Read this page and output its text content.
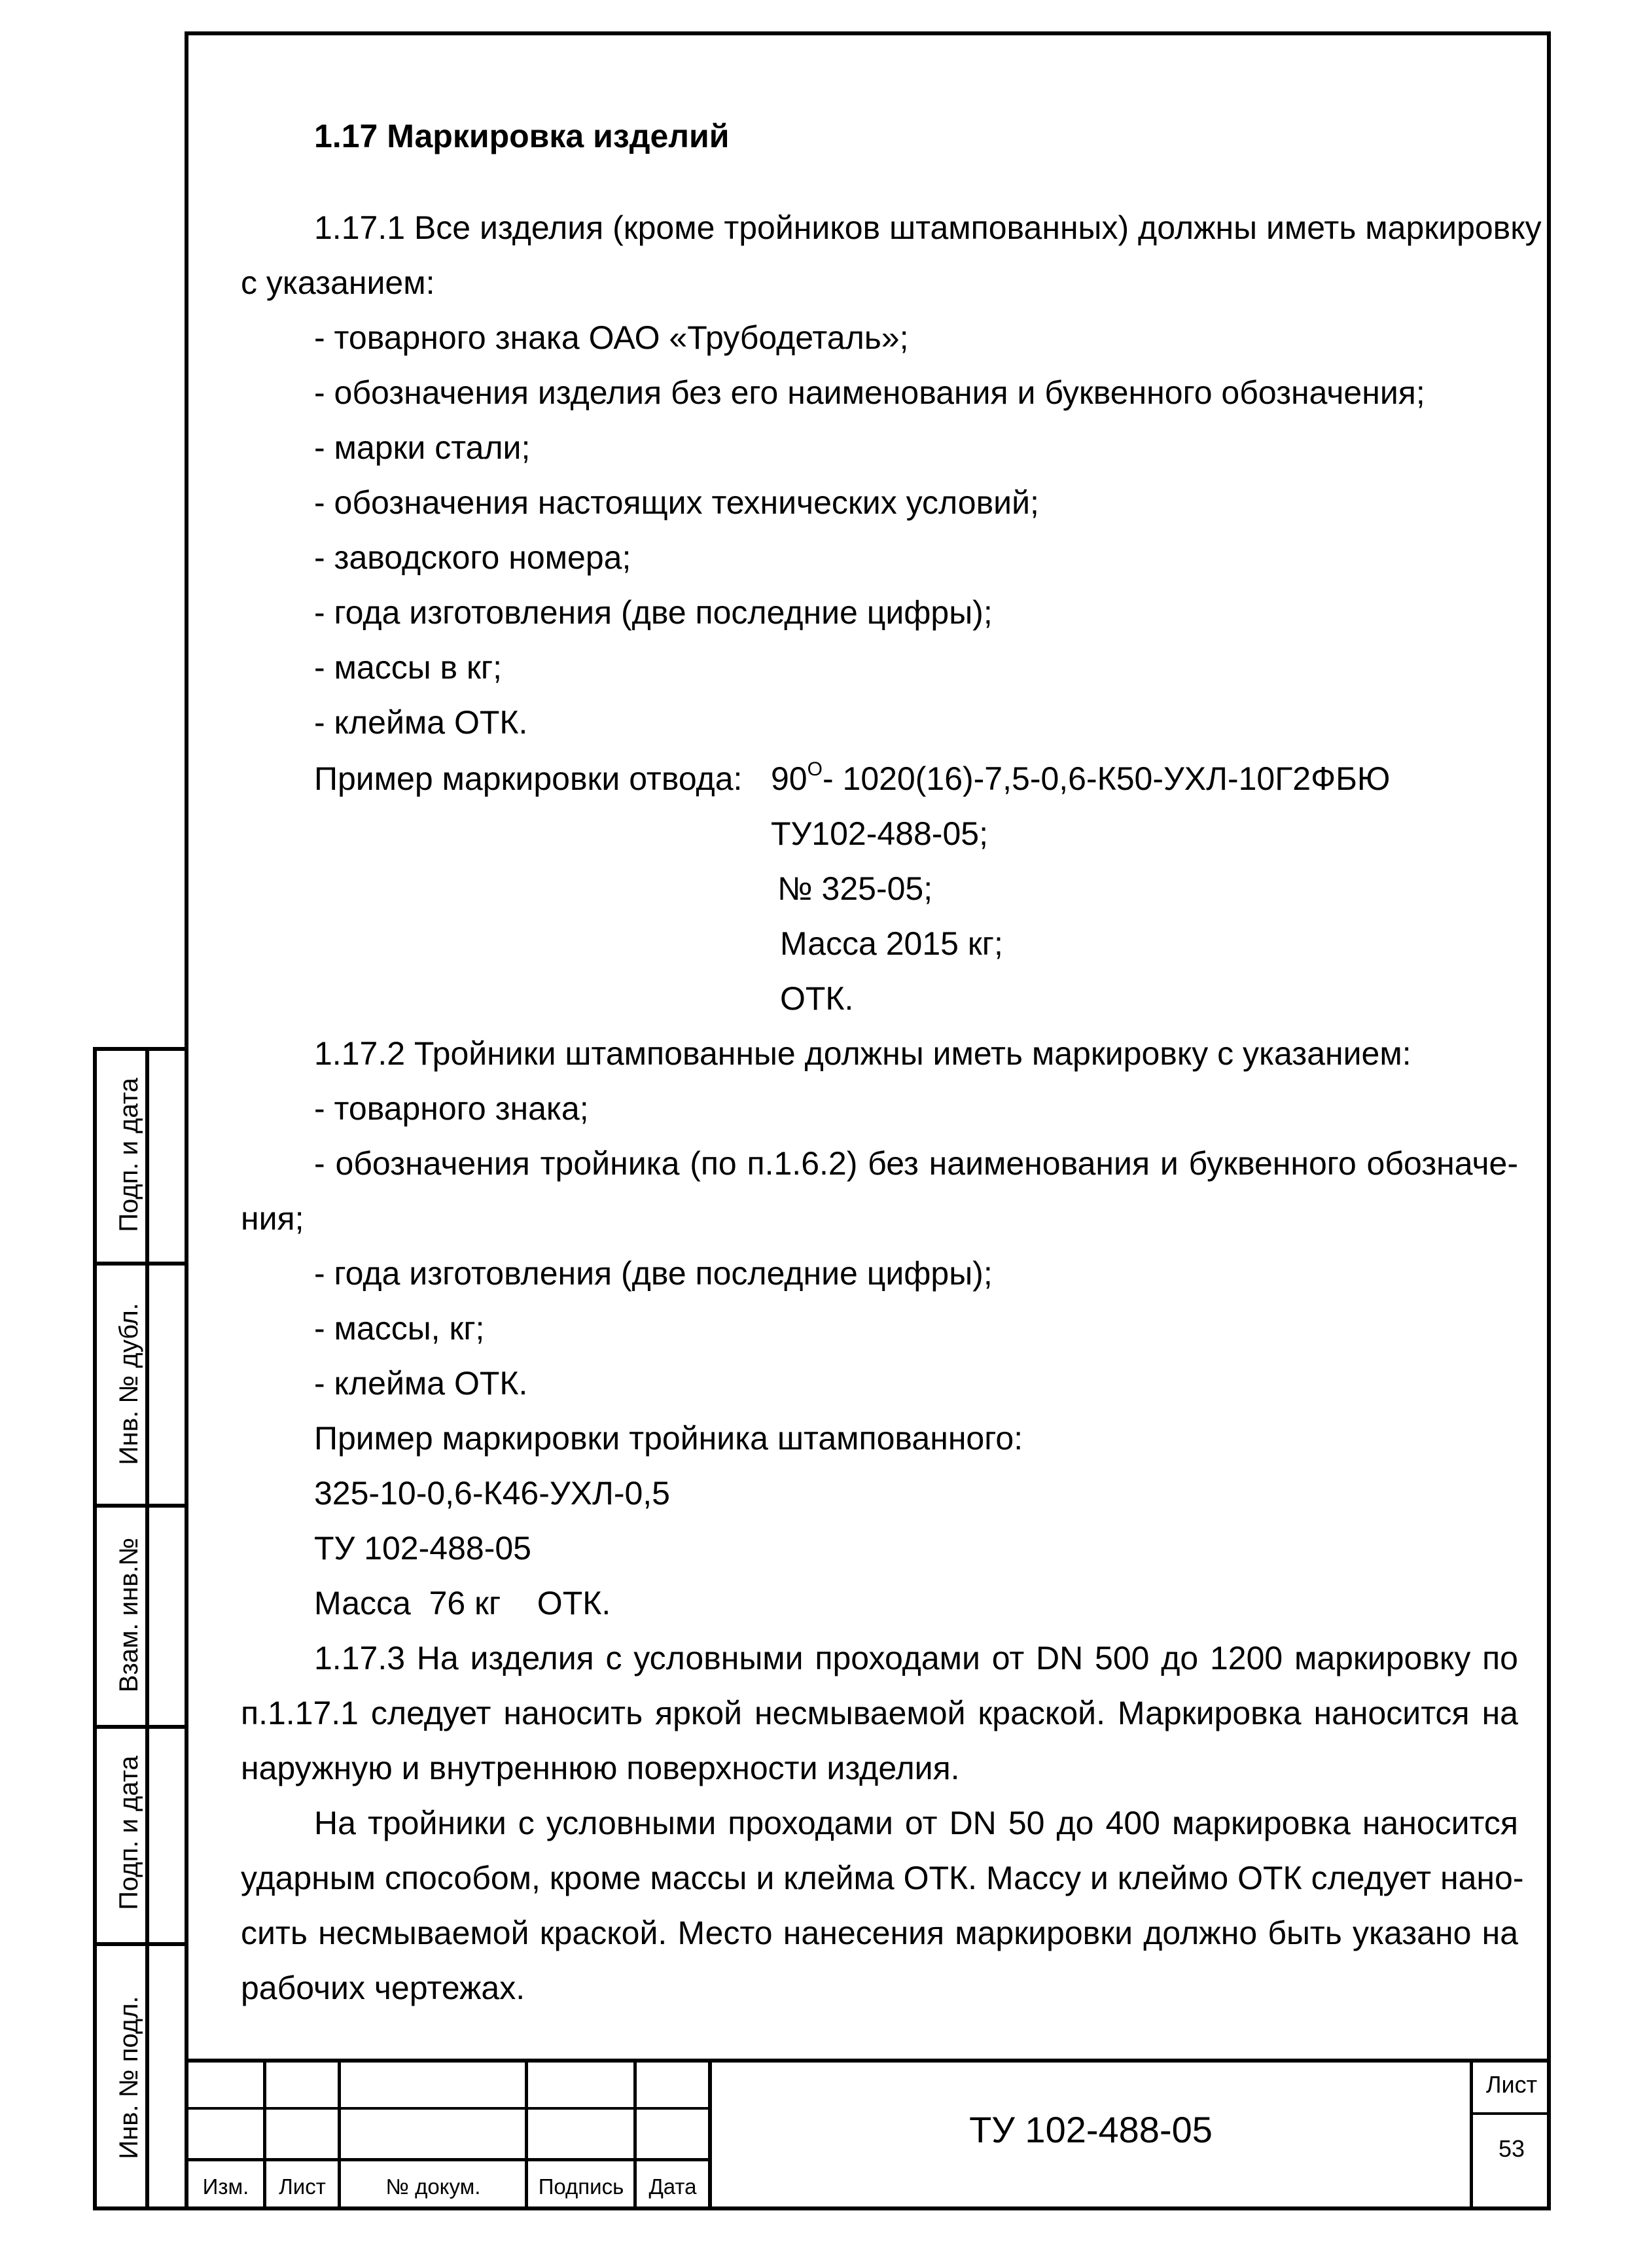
Подп. и дата
Инв. № дубл.
Взам. инв.№
Подп. и дата
Инв. № подл.
1.17 Маркировка изделий
1.17.1 Все изделия (кроме тройников штампованных) должны иметь маркировку
с указанием:
- товарного знака ОАО «Трубодеталь»;
- обозначения изделия без его наименования и буквенного обозначения;
- марки стали;
- обозначения настоящих технических условий;
- заводского номера;
- года изготовления (две последние цифры);
- массы в кг;
- клейма ОТК.
Пример маркировки отвода: $90^О-$ 1020(16)-7,5-0,6-К50-УХЛ-10Г2ФБЮ
ТУ102-488-05;
№ 325-05;
Масса 2015 кг;
ОТК.
1.17.2 Тройники штампованные должны иметь маркировку с указанием:
- товарного знака;
- обозначения тройника (по п.1.6.2) без наименования и буквенного обозначе-
ния;
- года изготовления (две последние цифры);
- массы, кг;
- клейма ОТК.
Пример маркировки тройника штампованного:
325-10-0,6-К46-УХЛ-0,5
ТУ 102-488-05
Масса  76 кг    ОТК.
1.17.3 На изделия с условными проходами от DN 500 до 1200 маркировку по
п.1.17.1 следует наносить яркой несмываемой краской. Маркировка наносится на
наружную и внутреннюю поверхности изделия.
На тройники с условными проходами от DN 50 до 400 маркировка наносится
ударным способом, кроме массы и клейма ОТК. Массу и клеймо ОТК следует нано-
сить несмываемой краской. Место нанесения маркировки должно быть указано на
рабочих чертежах.
Изм.	Лист	№ докум.	Подпись	Дата
ТУ 102-488-05
Лист
53
